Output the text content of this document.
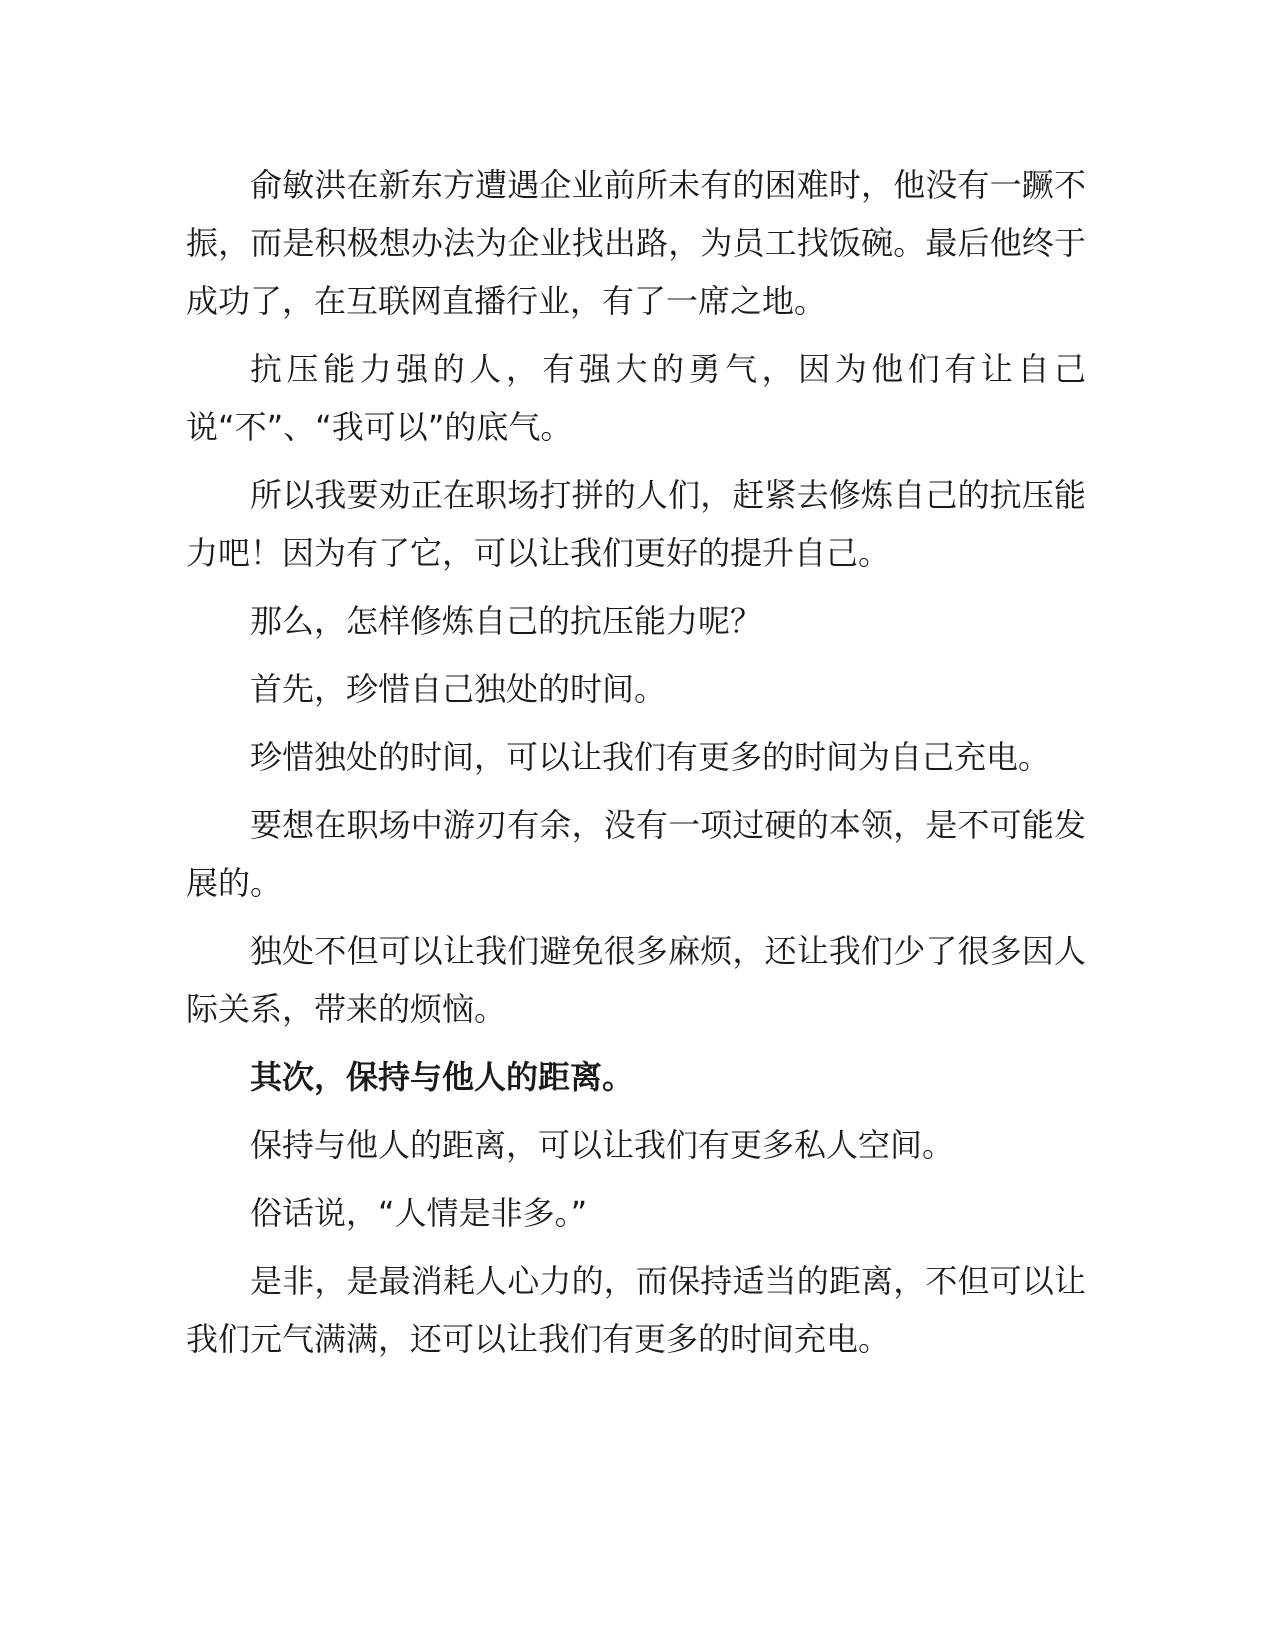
俞敏洪在新东方遭遇企业前所未有的困难时，他没有一蹶不振，而是积极想办法为企业找出路，为员工找饭碗。最后他终于成功了，在互联网直播行业，有了一席之地。

抗压能力强的人，有强大的勇气，因为他们有让自己说“不”、“我可以”的底气。

所以我要劝正在职场打拼的人们，赶紧去修炼自己的抗压能力吧！因为有了它，可以让我们更好的提升自己。

那么，怎样修炼自己的抗压能力呢？

首先，珍惜自己独处的时间。

珍惜独处的时间，可以让我们有更多的时间为自己充电。

要想在职场中游刃有余，没有一项过硬的本领，是不可能发展的。

独处不但可以让我们避免很多麻烦，还让我们少了很多因人际关系，带来的烦恼。

其次，保持与他人的距离。

保持与他人的距离，可以让我们有更多私人空间。

俗话说，“人情是非多。”

是非，是最消耗人心力的，而保持适当的距离，不但可以让我们元气满满，还可以让我们有更多的时间充电。
